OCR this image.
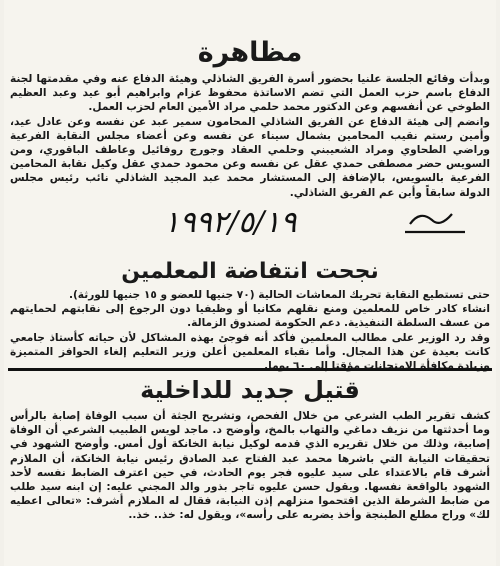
مظاهرة

وبدأت وقائع الجلسة علنيا بحضور أسرة الفريق الشاذلي وهيئة الدفاع عنه وفي مقدمتها لجنة الدفاع باسم حزب العمل التي تضم الاساتذة محفوظ عزام وابراهيم أبو عيد وعبد العظيم الطوخي عن أنفسهم وعن الدكتور محمد حلمي مراد الأمين العام لحزب العمل.

وانضم إلى هيئة الدفاع عن الفريق الشاذلي المحامون سمير عبد عن نفسه وعن عادل عيد، وأمين رستم نقيب المحامين بشمال سيناء عن نفسه وعن أعضاء مجلس النقابة الفرعية وراضي الطحاوي ومراد الشعيبني وحلمي العقاد وجورج روفائيل وعاطف الباقوري، ومن السويس حضر مصطفى حمدي عقل عن نفسه وعن محمود حمدي عقل وكيل نقابة المحامين الفرعية بالسويس، بالإضافة إلى المستشار محمد عبد المجيد الشاذلي نائب رئيس مجلس الدولة سابقاً وأبن عم الفريق الشاذلي.

١٩٩٢/٥/١٩
نجحت انتفاضة المعلمين

حتى تستطيع النقابة تحريك المعاشات الحالية (٧٠ جنيها للعضو و ١٥ جنيها للورثة).

انشاء كادر خاص للمعلمين ومنع نقلهم مكانيا أو وظيفيا دون الرجوع إلى نقابتهم لحمايتهم من عسف السلطة التنفيذية. دعم الحكومة لصندوق الزمالة.

وقد رد الوزير على مطالب المعلمين فأكد أنه فوجئ بهذه المشاكل لأن حياته كأستاذ جامعي كانت بعيدة عن هذا المجال. وأما نقباء المعلمين أعلن وزير التعليم إلغاء الحوافز المتميزة وزيادة مكافأة الامتحانات مؤقتا إلى ٦٠ يوما.

قتيل جديد للداخلية

كشف تقرير الطب الشرعي من خلال الفحص، وتشريح الجثة أن سبب الوفاة إصابة بالرأس وما أحدثتها من نزيف دماغي والتهاب بالمخ، وأوضح د. ماجد لويس الطبيب الشرعي أن الوفاة إصابية، وذلك من خلال تقريره الذي قدمه لوكيل نيابة الخانكة أول أمس. وأوضح الشهود في تحقيقات النيابة التي باشرها محمد عبد الفتاح عبد الصادق رئيس نيابة الخانكة، أن الملازم أشرف قام بالاعتداء على سيد عليوه فجر يوم الحادث، في حين اعترف الضابط نفسه لأحد الشهود بالواقعة نفسها. ويقول حسن عليوه تاجر بذور والد المجني عليه: إن ابنه سيد طلب من ضابط الشرطة الذين اقتحموا منزلهم إذن النيابة، فقال له الملازم أشرف: «تعالى اعطيه لك» وراح مطلع الطبنجة وأخذ يضربه على رأسه»، ويقول له: خذ.. خذ..
